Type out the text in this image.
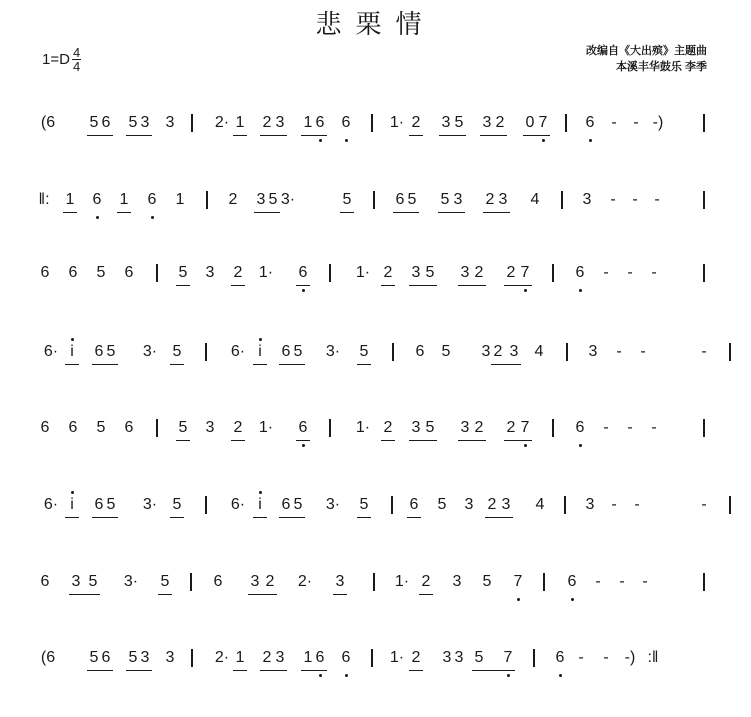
悲栗情
$1=D \frac{4}{4}$	改编自《大出殡》主题曲
本溪丰华鼓乐 李季
(6 5 6 5 3 3	2· 1 2 3 1 6 6 1· 2 3 5 3 2 0 7 6 - - -)
‖: 1 6 1 6 1	2 3 5 3·	5	6 5 5 3 2 3 4	3 - - -
6 6 5 6	5 3 2 1· 6	1· 2 3 5 3 2 2 7	6 - - -
6· i 6 5 3· 5	6· i 6 5 3· 5	6 5 3 2 3 4	3 - -	-
6 6 5 6	5 3 2 1· 6	1· 2 3 5 3 2 2 7	6 - - -
6· i 6 5 3· 5	6· i 6 5 3· 5	6 5 3 2 3 4	3 - -	-
6 3 5 3· 5	6 3 2 2· 3	1· 2 3 5 7	6 - - -
(6 5 6 5 3 3	2· 1 2 3 1 6 6 1· 2 3 3 5 7	6 - - -) :‖
